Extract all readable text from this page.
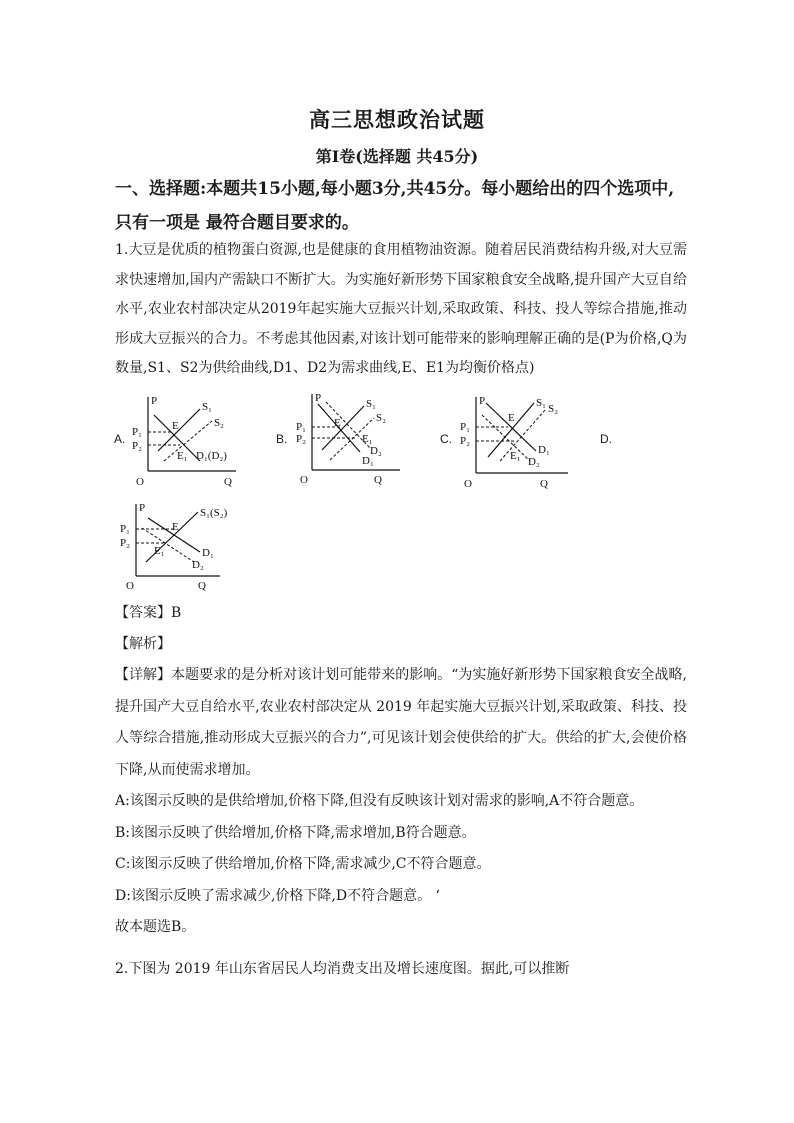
高三思想政治试题
第Ⅰ卷(选择题 共45分)
一、选择题:本题共15小题,每小题3分,共45分。每小题给出的四个选项中,只有一项是 最符合题目要求的。

1.大豆是优质的植物蛋白资源,也是健康的食用植物油资源。随着居民消费结构升级,对大豆需求快速增加,国内产需缺口不断扩大。为实施好新形势下国家粮食安全战略,提升国产大豆自给水平,农业农村部决定从2019年起实施大豆振兴计划,采取政策、科技、投人等综合措施,推动形成大豆振兴的合力。不考虑其他因素,对该计划可能带来的影响理解正确的是(P为价格,Q为数量,S1、S2为供给曲线,D1、D2为需求曲线,E、E1为均衡价格点)

A.
P
Q
O
P₁
P₂
S₁
S₂
E
E₁ D₁(D₂)
B.
P
Q
O
P₁
P₂
S₁
S₂
E
E₁
D₂
D₁
C.
P
Q
O
P₁
P₂
S₁ S₂
E
E₁ D₁
D₂
D.
P
Q
O
P₁
P₂
S₁(S₂)
E
E₁	D₁
D₂

【答案】B

【解析】

【详解】本题要求的是分析对该计划可能带来的影响。“为实施好新形势下国家粮食安全战略,提升国产大豆自给水平,农业农村部决定从 2019 年起实施大豆振兴计划,采取政策、科技、投人等综合措施,推动形成大豆振兴的合力”,可见该计划会使供给的扩大。供给的扩大,会使价格下降,从而使需求增加。

A:该图示反映的是供给增加,价格下降,但没有反映该计划对需求的影响,A不符合题意。

B:该图示反映了供给增加,价格下降,需求增加,B符合题意。

C:该图示反映了供给增加,价格下降,需求减少,C不符合题意。

D:该图示反映了需求减少,价格下降,D不符合题意。 ‘

故本题选B。

2.下图为 2019 年山东省居民人均消费支出及增长速度图。据此,可以推断
